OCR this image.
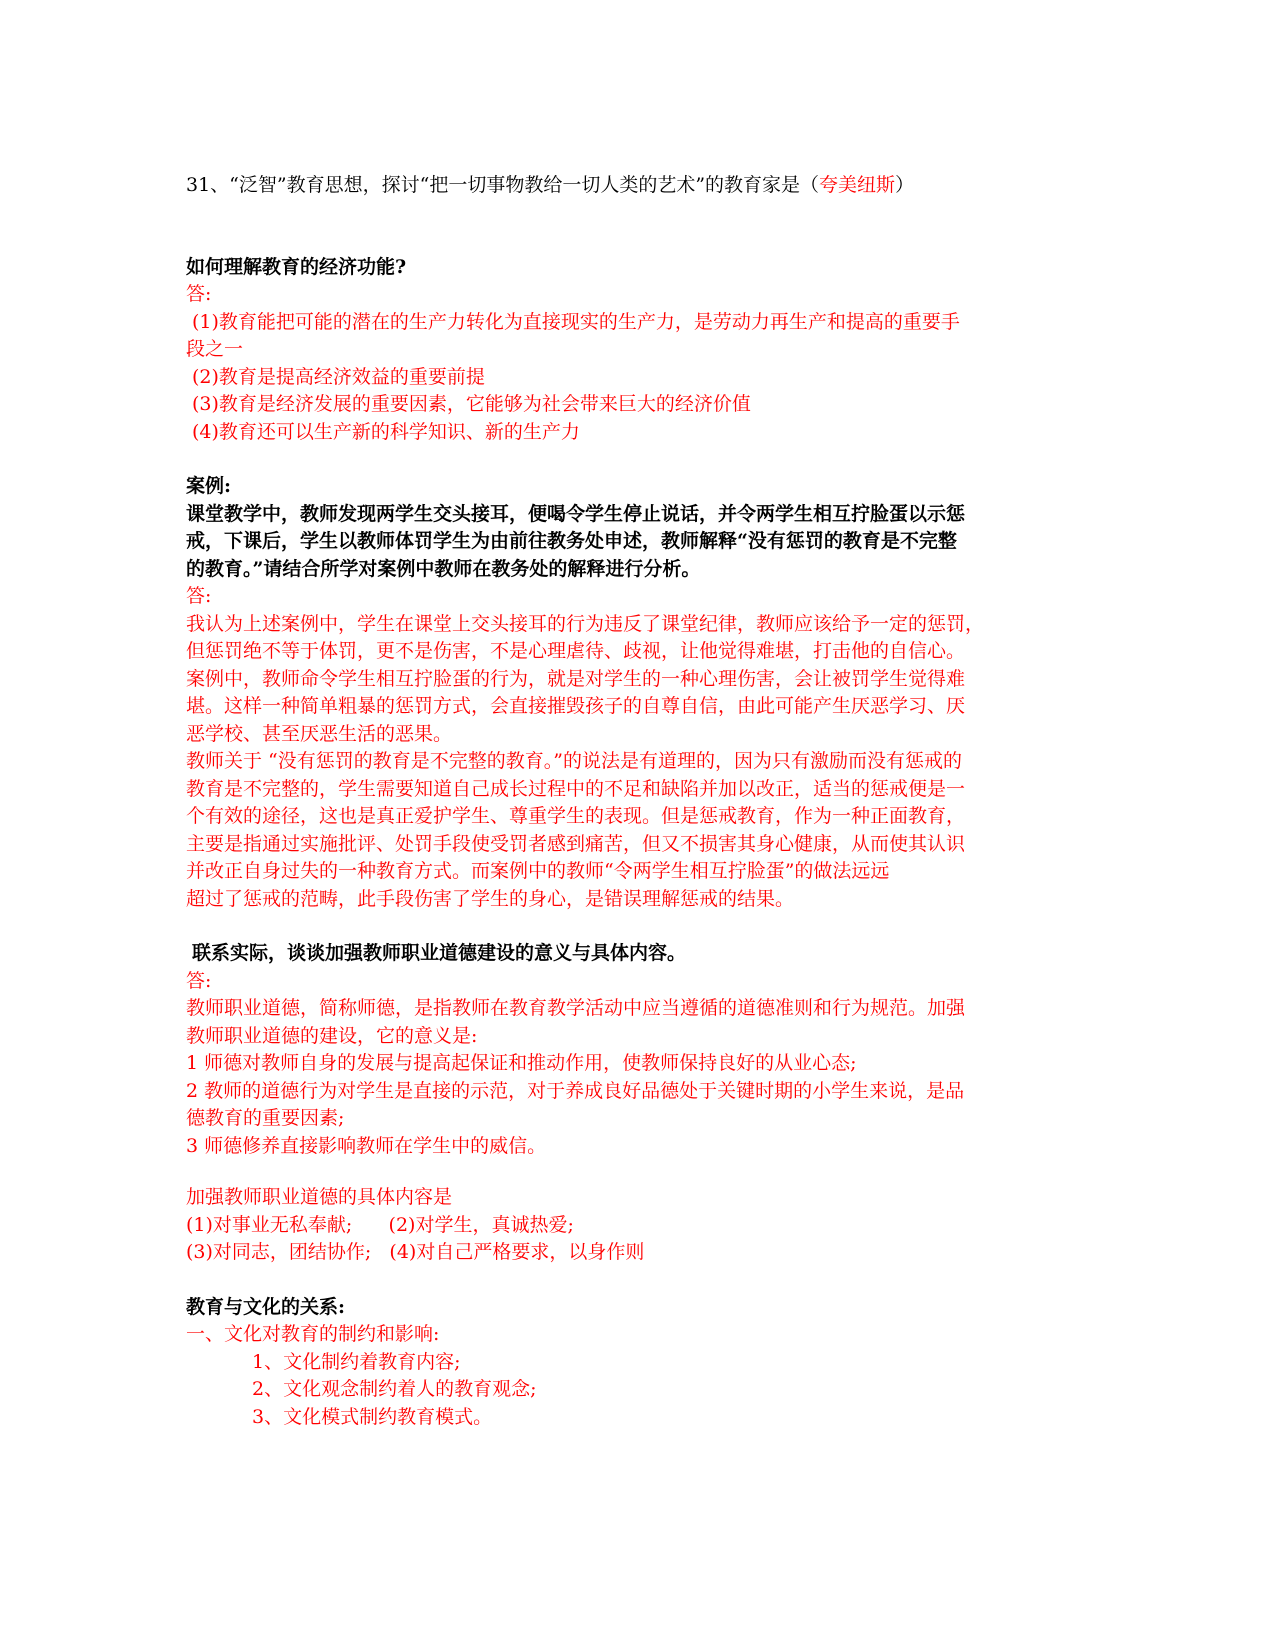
31、“泛智”教育思想，探讨“把一切事物教给一切人类的艺术”的教育家是（夸美纽斯）
如何理解教育的经济功能?
答:
(1)教育能把可能的潜在的生产力转化为直接现实的生产力，是劳动力再生产和提高的重要手
段之一
(2)教育是提高经济效益的重要前提
(3)教育是经济发展的重要因素，它能够为社会带来巨大的经济价值
(4)教育还可以生产新的科学知识、新的生产力
案例:
课堂教学中，教师发现两学生交头接耳，便喝令学生停止说话，并令两学生相互拧脸蛋以示惩
戒，下课后，学生以教师体罚学生为由前往教务处申述，教师解释“没有惩罚的教育是不完整
的教育。”请结合所学对案例中教师在教务处的解释进行分析。
答:
我认为上述案例中，学生在课堂上交头接耳的行为违反了课堂纪律，教师应该给予一定的惩罚，
但惩罚绝不等于体罚，更不是伤害，不是心理虐待、歧视，让他觉得难堪，打击他的自信心。
案例中，教师命令学生相互拧脸蛋的行为，就是对学生的一种心理伤害，会让被罚学生觉得难
堪。这样一种简单粗暴的惩罚方式，会直接摧毁孩子的自尊自信，由此可能产生厌恶学习、厌
恶学校、甚至厌恶生活的恶果。
教师关于 “没有惩罚的教育是不完整的教育。”的说法是有道理的，因为只有激励而没有惩戒的
教育是不完整的，学生需要知道自己成长过程中的不足和缺陷并加以改正，适当的惩戒便是一
个有效的途径，这也是真正爱护学生、尊重学生的表现。但是惩戒教育，作为一种正面教育，
主要是指通过实施批评、处罚手段使受罚者感到痛苦，但又不损害其身心健康，从而使其认识
并改正自身过失的一种教育方式。而案例中的教师“令两学生相互拧脸蛋”的做法远远
超过了惩戒的范畴，此手段伤害了学生的身心，是错误理解惩戒的结果。
联系实际，谈谈加强教师职业道德建设的意义与具体内容。
答:
教师职业道德，简称师德，是指教师在教育教学活动中应当遵循的道德准则和行为规范。加强
教师职业道德的建设，它的意义是:
1 师德对教师自身的发展与提高起保证和推动作用，使教师保持良好的从业心态;
2 教师的道德行为对学生是直接的示范，对于养成良好品德处于关键时期的小学生来说，是品
德教育的重要因素;
3 师德修养直接影响教师在学生中的威信。
加强教师职业道德的具体内容是
(1)对事业无私奉献;      (2)对学生，真诚热爱;
(3)对同志，团结协作;   (4)对自己严格要求，以身作则
教育与文化的关系:
一、文化对教育的制约和影响:
1、文化制约着教育内容;
2、文化观念制约着人的教育观念;
3、文化模式制约教育模式。
